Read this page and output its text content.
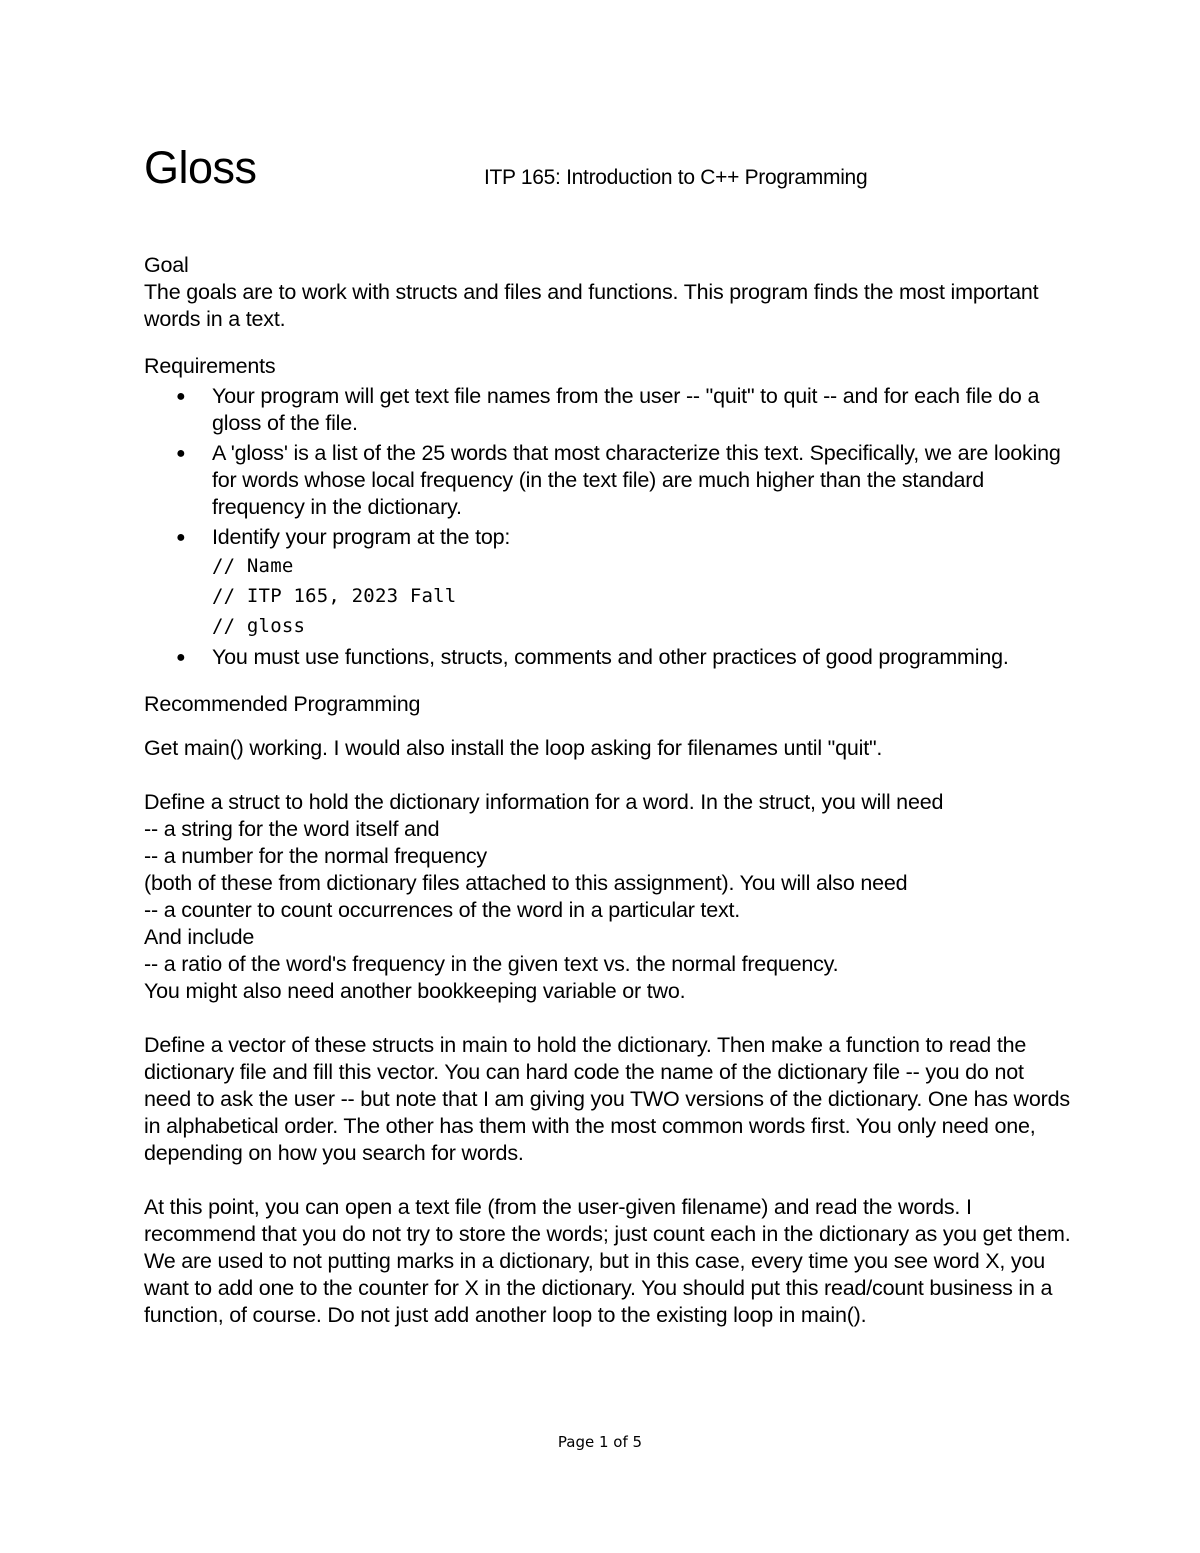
Gloss	ITP 165: Introduction to C++ Programming

Goal

The goals are to work with structs and files and functions. This program finds the most important words in a text.

Requirements

● Your program will get text file names from the user -- "quit" to quit -- and for each file do a gloss of the file.
● A 'gloss' is a list of the 25 words that most characterize this text. Specifically, we are looking for words whose local frequency (in the text file) are much higher than the standard frequency in the dictionary.
● Identify your program at the top:
// Name
// ITP 165, 2023 Fall
// gloss
● You must use functions, structs, comments and other practices of good programming.

Recommended Programming

Get main() working. I would also install the loop asking for filenames until "quit".

Define a struct to hold the dictionary information for a word. In the struct, you will need

-- a string for the word itself and

-- a number for the normal frequency

(both of these from dictionary files attached to this assignment). You will also need

-- a counter to count occurrences of the word in a particular text.

And include

-- a ratio of the word's frequency in the given text vs. the normal frequency.

You might also need another bookkeeping variable or two.

Define a vector of these structs in main to hold the dictionary. Then make a function to read the dictionary file and fill this vector. You can hard code the name of the dictionary file -- you do not need to ask the user -- but note that I am giving you TWO versions of the dictionary. One has words in alphabetical order. The other has them with the most common words first. You only need one, depending on how you search for words.

At this point, you can open a text file (from the user-given filename) and read the words. I recommend that you do not try to store the words; just count each in the dictionary as you get them. We are used to not putting marks in a dictionary, but in this case, every time you see word X, you want to add one to the counter for X in the dictionary. You should put this read/count business in a function, of course. Do not just add another loop to the existing loop in main().

Page 1 of 5
